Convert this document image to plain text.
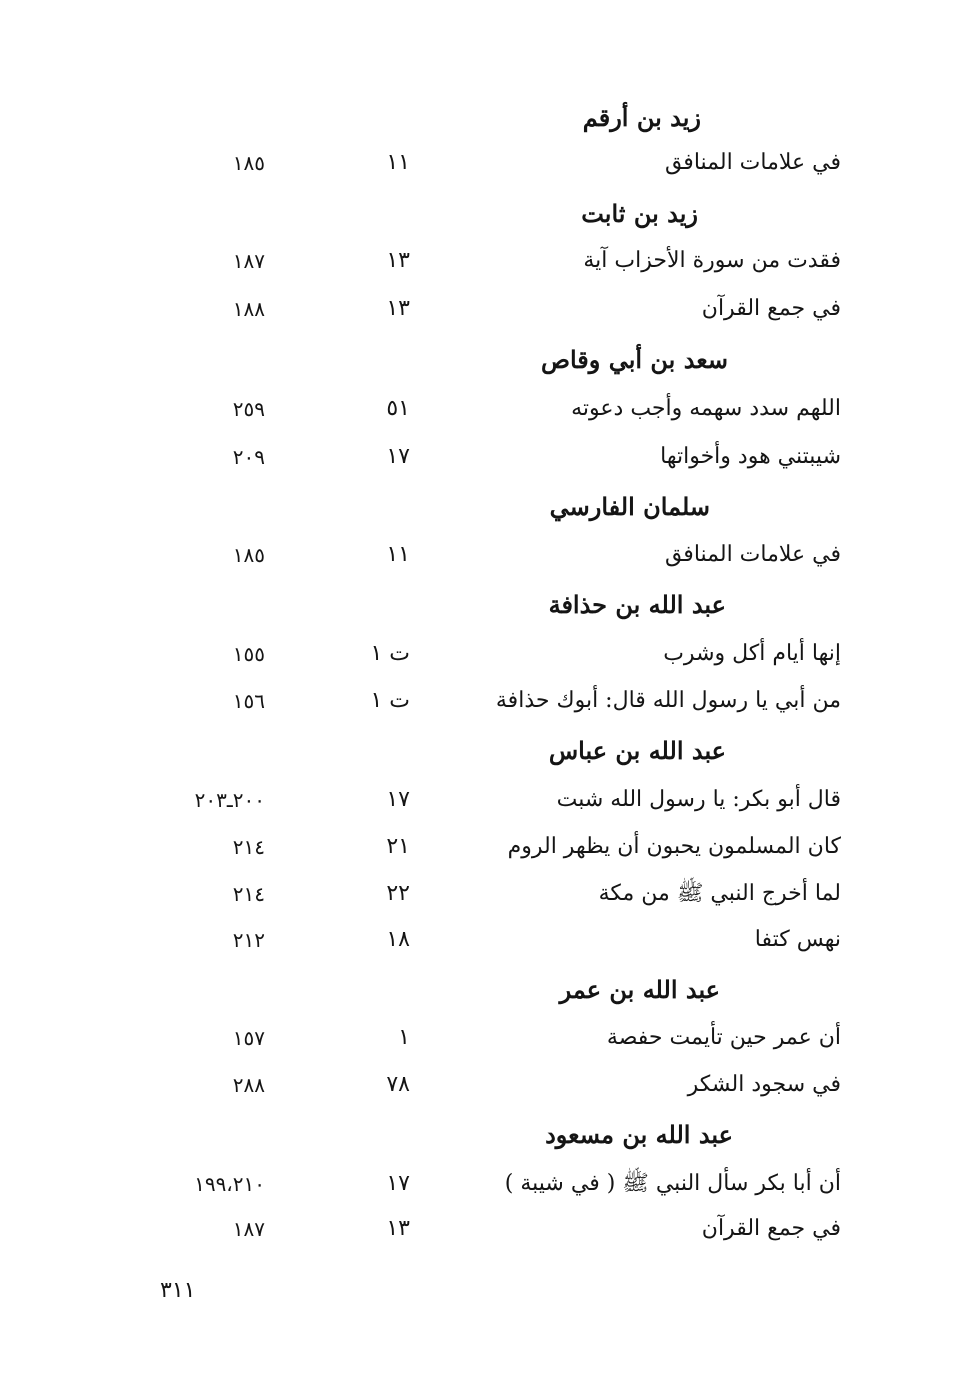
زيد بن أرقم
في علامات المنافق
١١
١٨٥
زيد بن ثابت
فقدت من سورة الأحزاب آية
١٣
١٨٧
في جمع القرآن
١٣
١٨٨
سعد بن أبي وقاص
اللهم سدد سهمه وأجب دعوته
٥١
٢٥٩
شيبتني هود وأخواتها
١٧
٢٠٩
سلمان الفارسي
في علامات المنافق
١١
١٨٥
عبد الله بن حذافة
إنها أيام أكل وشرب
ت ١
١٥٥
من أبي يا رسول الله قال: أبوك حذافة
ت ١
١٥٦
عبد الله بن عباس
قال أبو بكر: يا رسول الله شبت
١٧
٢٠٠ـ٢٠٣
كان المسلمون يحبون أن يظهر الروم
٢١
٢١٤
لما أخرج النبي ﷺ من مكة
٢٢
٢١٤
نهس كتفا
١٨
٢١٢
عبد الله بن عمر
أن عمر حين تأيمت حفصة
١
١٥٧
في سجود الشكر
٧٨
٢٨٨
عبد الله بن مسعود
أن أبا بكر سأل النبي ﷺ ( في شيبة )
١٧
١٩٩،٢١٠
في جمع القرآن
١٣
١٨٧
٣١١
